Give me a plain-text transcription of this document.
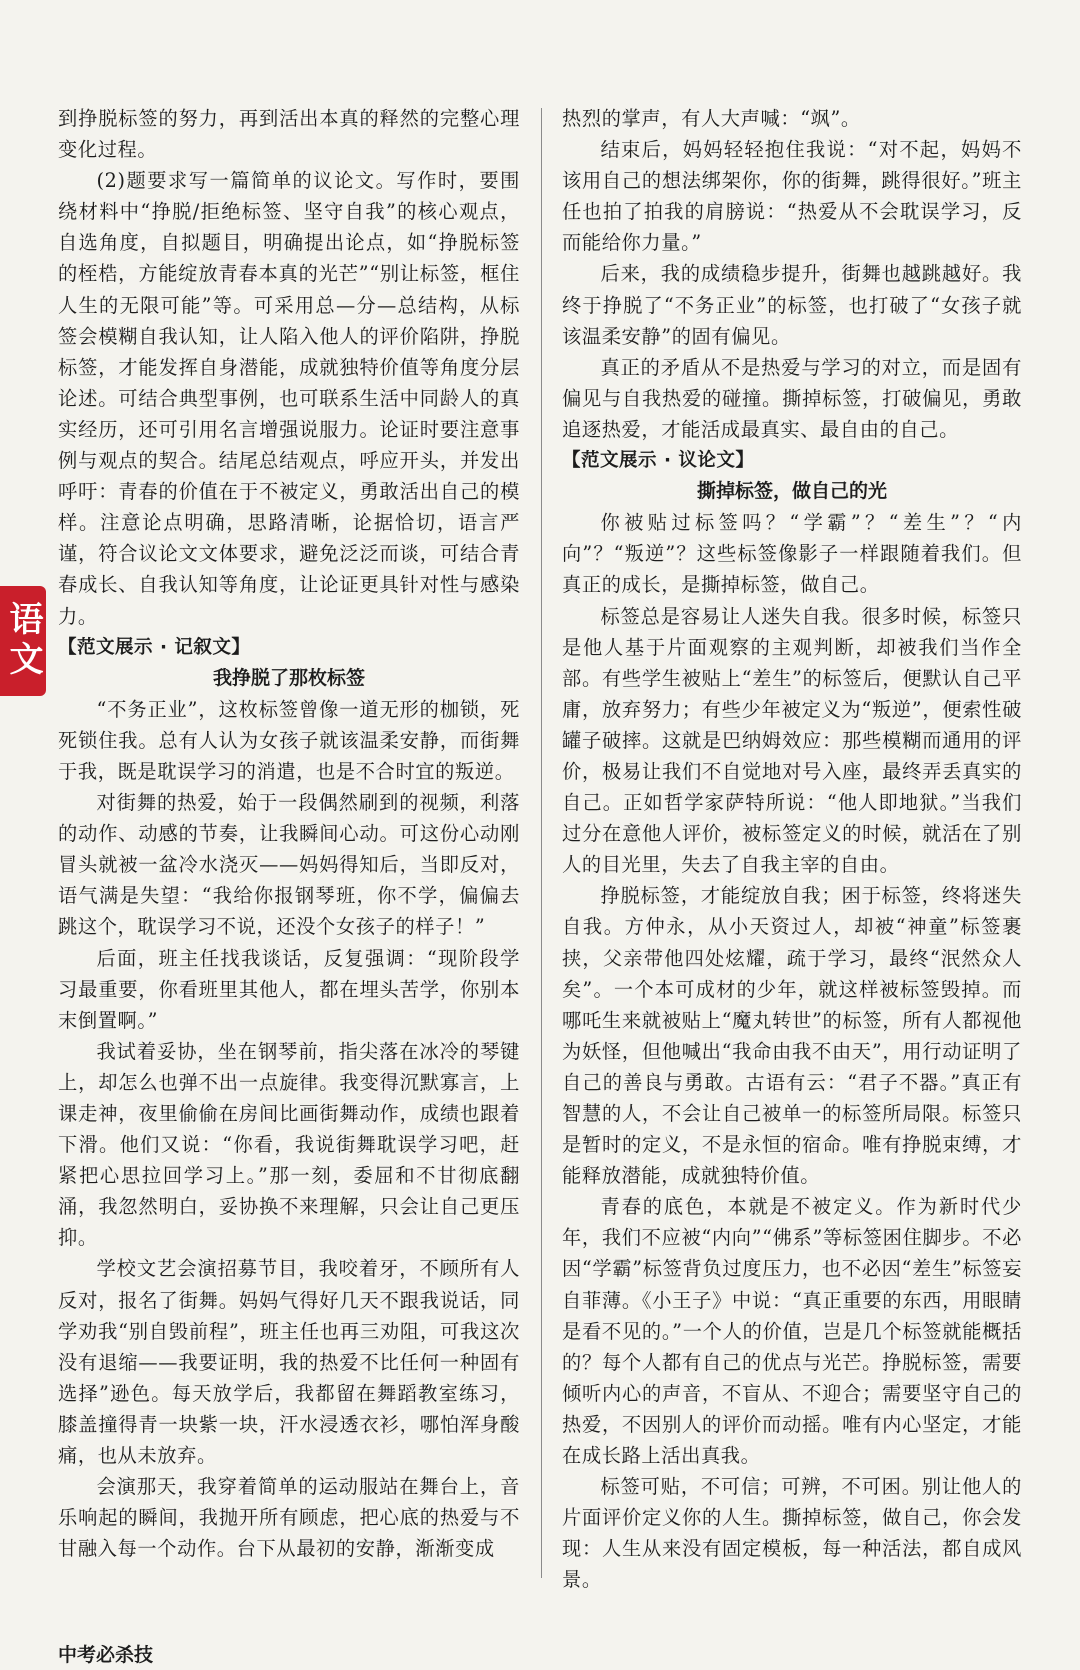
语文

到挣脱标签的努力，再到活出本真的释然的完整心理变化过程。

(2)题要求写一篇简单的议论文。写作时，要围绕材料中“挣脱/拒绝标签、坚守自我”的核心观点，自选角度，自拟题目，明确提出论点，如“挣脱标签的桎梏，方能绽放青春本真的光芒”“别让标签，框住人生的无限可能”等。可采用总—分—总结构，从标签会模糊自我认知，让人陷入他人的评价陷阱，挣脱标签，才能发挥自身潜能，成就独特价值等角度分层论述。可结合典型事例，也可联系生活中同龄人的真实经历，还可引用名言增强说服力。论证时要注意事例与观点的契合。结尾总结观点，呼应开头，并发出呼吁：青春的价值在于不被定义，勇敢活出自己的模样。注意论点明确，思路清晰，论据恰切，语言严谨，符合议论文文体要求，避免泛泛而谈，可结合青春成长、自我认知等角度，让论证更具针对性与感染力。

【范文展示 · 记叙文】

我挣脱了那枚标签

“不务正业”，这枚标签曾像一道无形的枷锁，死死锁住我。总有人认为女孩子就该温柔安静，而街舞于我，既是耽误学习的消遣，也是不合时宜的叛逆。

对街舞的热爱，始于一段偶然刷到的视频，利落的动作、动感的节奏，让我瞬间心动。可这份心动刚冒头就被一盆冷水浇灭——妈妈得知后，当即反对，语气满是失望：“我给你报钢琴班，你不学，偏偏去跳这个，耽误学习不说，还没个女孩子的样子！”

后面，班主任找我谈话，反复强调：“现阶段学习最重要，你看班里其他人，都在埋头苦学，你别本末倒置啊。”

我试着妥协，坐在钢琴前，指尖落在冰冷的琴键上，却怎么也弹不出一点旋律。我变得沉默寡言，上课走神，夜里偷偷在房间比画街舞动作，成绩也跟着下滑。他们又说：“你看，我说街舞耽误学习吧，赶紧把心思拉回学习上。”那一刻，委屈和不甘彻底翻涌，我忽然明白，妥协换不来理解，只会让自己更压抑。

学校文艺会演招募节目，我咬着牙，不顾所有人反对，报名了街舞。妈妈气得好几天不跟我说话，同学劝我“别自毁前程”，班主任也再三劝阻，可我这次没有退缩——我要证明，我的热爱不比任何一种固有选择”逊色。每天放学后，我都留在舞蹈教室练习，膝盖撞得青一块紫一块，汗水浸透衣衫，哪怕浑身酸痛，也从未放弃。

会演那天，我穿着简单的运动服站在舞台上，音乐响起的瞬间，我抛开所有顾虑，把心底的热爱与不甘融入每一个动作。台下从最初的安静，渐渐变成

热烈的掌声，有人大声喊：“飒”。

结束后，妈妈轻轻抱住我说：“对不起，妈妈不该用自己的想法绑架你，你的街舞，跳得很好。”班主任也拍了拍我的肩膀说：“热爱从不会耽误学习，反而能给你力量。”

后来，我的成绩稳步提升，街舞也越跳越好。我终于挣脱了“不务正业”的标签，也打破了“女孩子就该温柔安静”的固有偏见。

真正的矛盾从不是热爱与学习的对立，而是固有偏见与自我热爱的碰撞。撕掉标签，打破偏见，勇敢追逐热爱，才能活成最真实、最自由的自己。

【范文展示 · 议论文】

撕掉标签，做自己的光

你被贴过标签吗？“学霸”？“差生”？“内向”？“叛逆”？这些标签像影子一样跟随着我们。但真正的成长，是撕掉标签，做自己。

标签总是容易让人迷失自我。很多时候，标签只是他人基于片面观察的主观判断，却被我们当作全部。有些学生被贴上“差生”的标签后，便默认自己平庸，放弃努力；有些少年被定义为“叛逆”，便索性破罐子破摔。这就是巴纳姆效应：那些模糊而通用的评价，极易让我们不自觉地对号入座，最终弄丢真实的自己。正如哲学家萨特所说：“他人即地狱。”当我们过分在意他人评价，被标签定义的时候，就活在了别人的目光里，失去了自我主宰的自由。

挣脱标签，才能绽放自我；困于标签，终将迷失自我。方仲永，从小天资过人，却被“神童”标签裹挟，父亲带他四处炫耀，疏于学习，最终“泯然众人矣”。一个本可成材的少年，就这样被标签毁掉。而哪吒生来就被贴上“魔丸转世”的标签，所有人都视他为妖怪，但他喊出“我命由我不由天”，用行动证明了自己的善良与勇敢。古语有云：“君子不器。”真正有智慧的人，不会让自己被单一的标签所局限。标签只是暂时的定义，不是永恒的宿命。唯有挣脱束缚，才能释放潜能，成就独特价值。

青春的底色，本就是不被定义。作为新时代少年，我们不应被“内向”“佛系”等标签困住脚步。不必因“学霸”标签背负过度压力，也不必因“差生”标签妄自菲薄。《小王子》中说：“真正重要的东西，用眼睛是看不见的。”一个人的价值，岂是几个标签就能概括的？每个人都有自己的优点与光芒。挣脱标签，需要倾听内心的声音，不盲从、不迎合；需要坚守自己的热爱，不因别人的评价而动摇。唯有内心坚定，才能在成长路上活出真我。

标签可贴，不可信；可辨，不可困。别让他人的片面评价定义你的人生。撕掉标签，做自己，你会发现：人生从来没有固定模板，每一种活法，都自成风景。

中考必杀技
